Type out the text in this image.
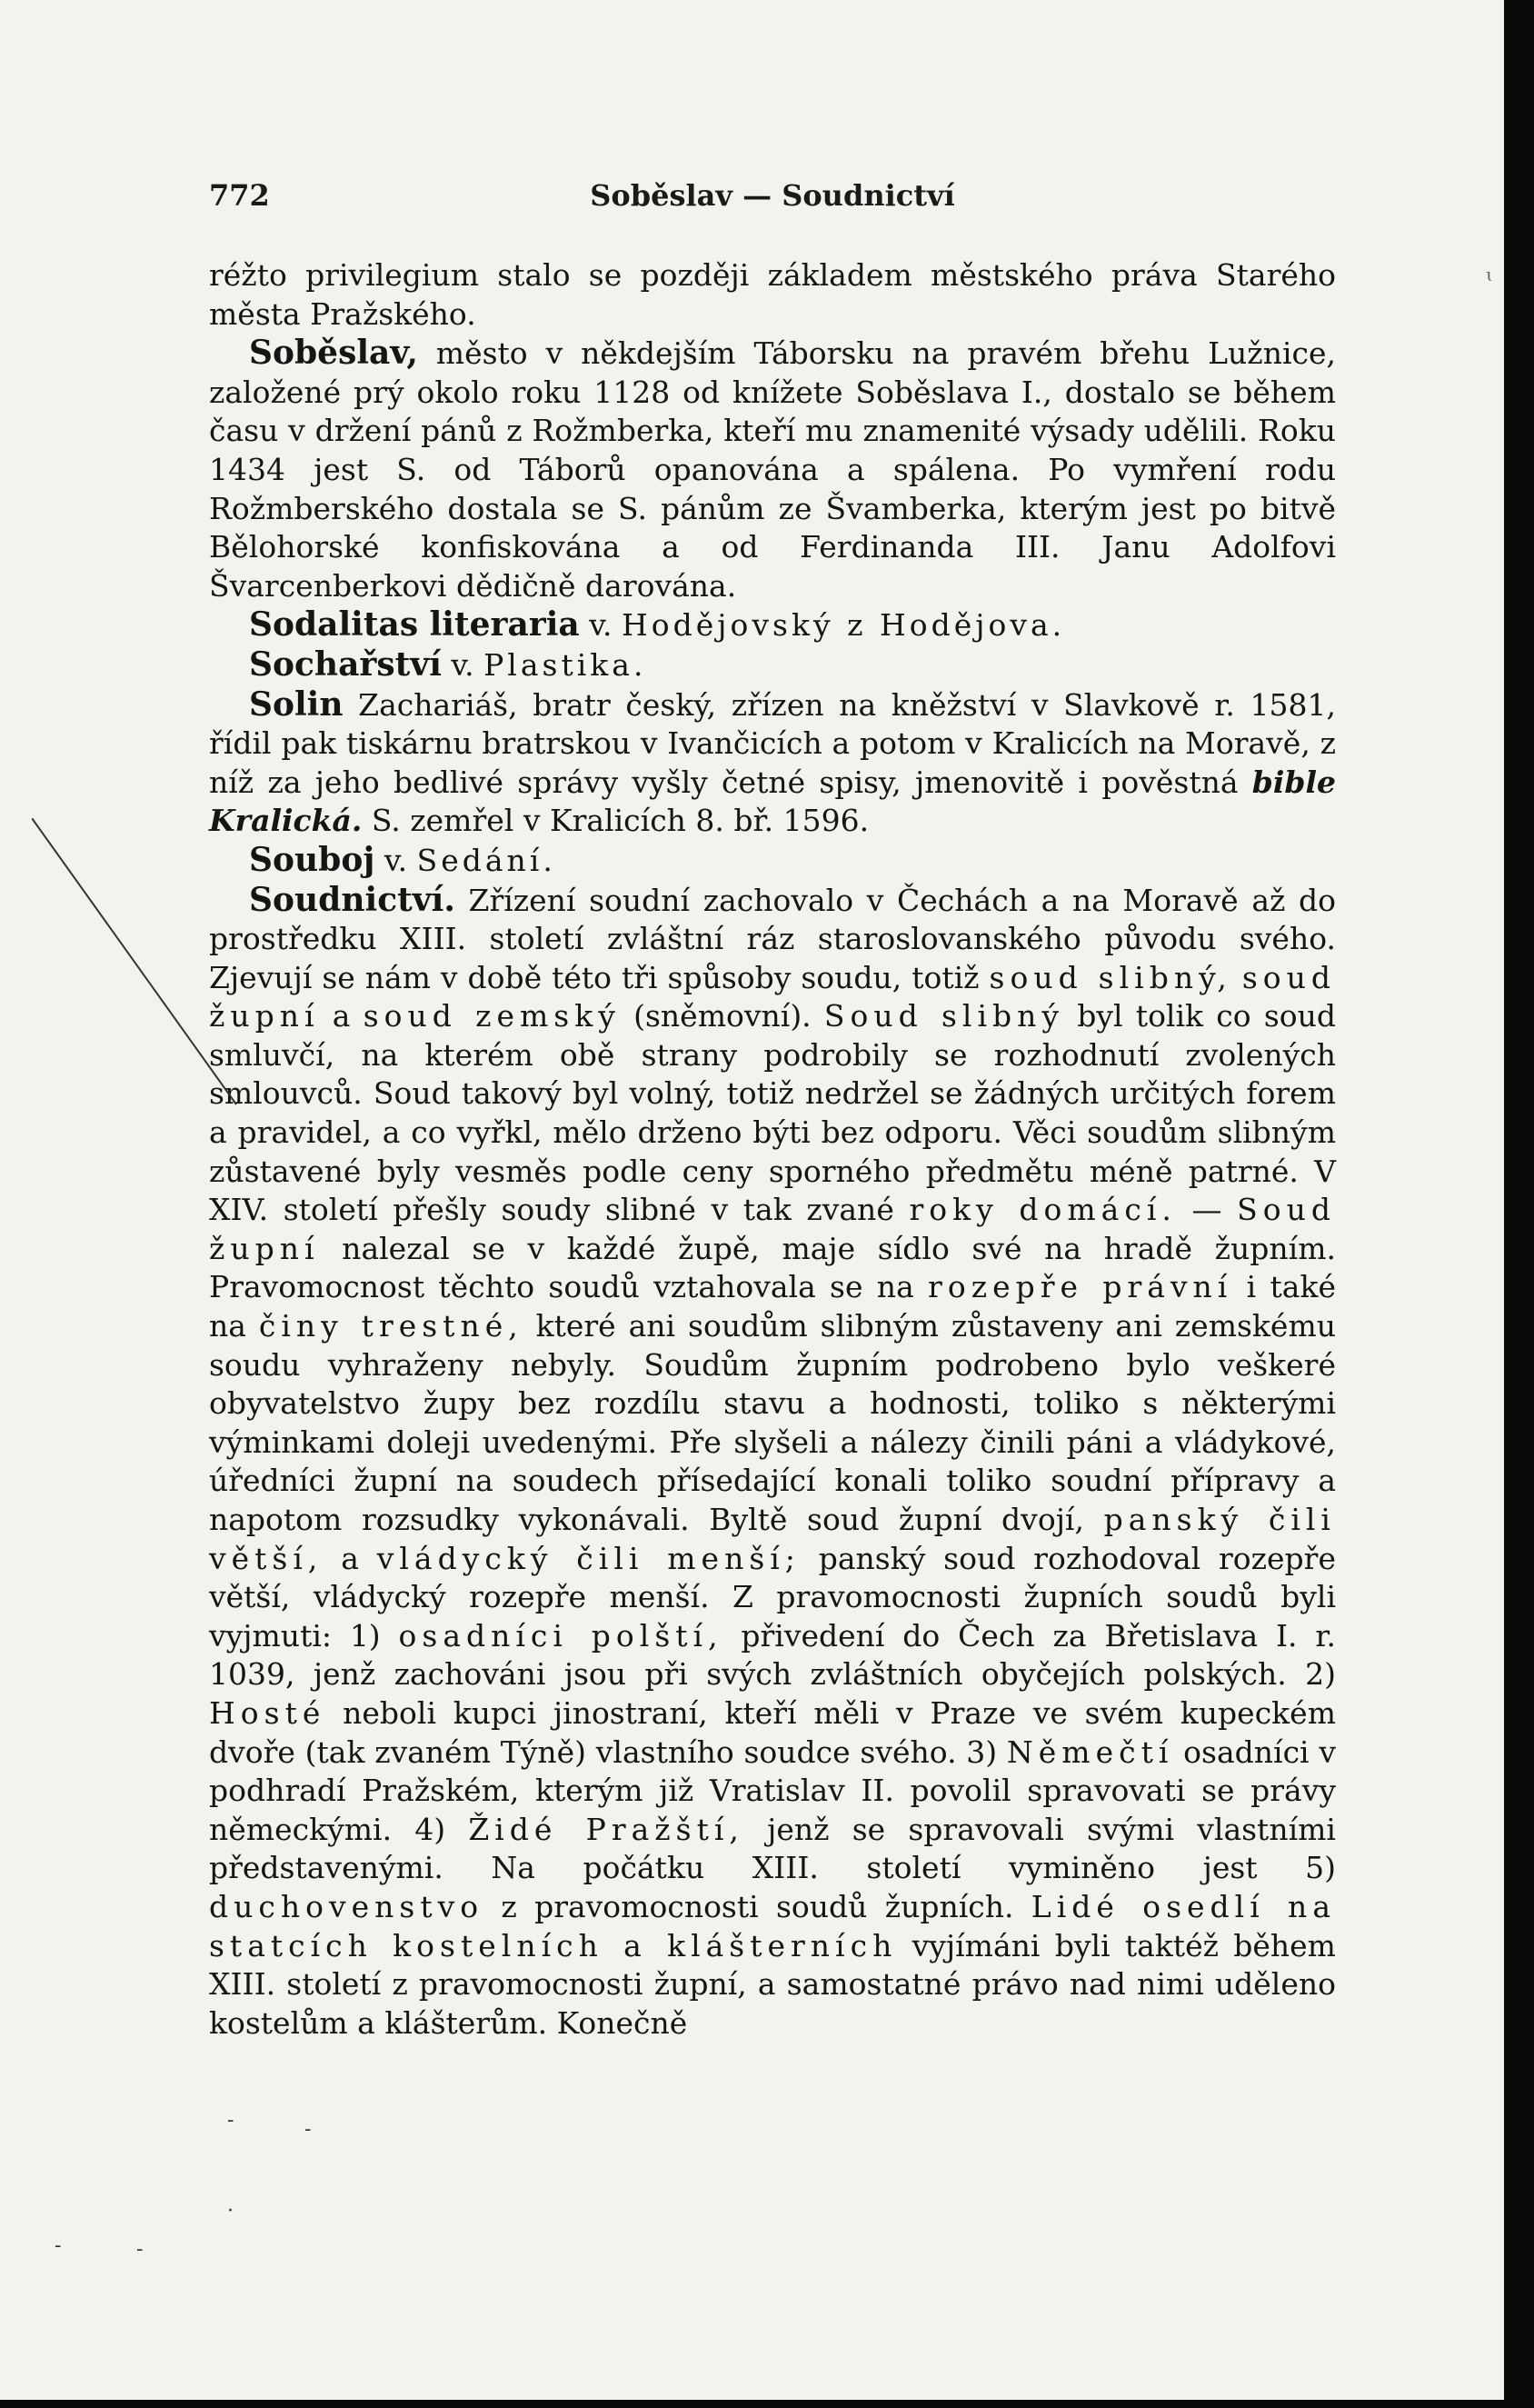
772	Soběslav — Soudnictví

réžto privilegium stalo se později základem městského práva Starého města Pražského.

Soběslav, město v někdejším Táborsku na pravém břehu Lužnice, založené prý okolo roku 1128 od knížete Soběslava I., dostalo se během času v držení pánů z Rožmberka, kteří mu znamenité výsady udělili. Roku 1434 jest S. od Táborů opanována a spálena. Po vymření rodu Rožmberského dostala se S. pánům ze Švamberka, kterým jest po bitvě Bělohorské konfiskována a od Ferdinanda III. Janu Adolfovi Švarcenberkovi dědičně darována.

Sodalitas literaria v. Hodějovský z Hodějova.

Sochařství v. Plastika.

Solin Zachariáš, bratr český, zřízen na kněžství v Slavkově r. 1581, řídil pak tiskárnu bratrskou v Ivančicích a potom v Kralicích na Moravě, z níž za jeho bedlivé správy vyšly četné spisy, jmenovitě i pověstná bible Kralická. S. zemřel v Kralicích 8. bř. 1596.

Souboj v. Sedání.

Soudnictví. Zřízení soudní zachovalo v Čechách a na Moravě až do prostředku XIII. století zvláštní ráz staroslovanského původu svého. Zjevují se nám v době této tři spůsoby soudu, totiž soud slibný, soud župní a soud zemský (sněmovní). Soud slibný byl tolik co soud smluvčí, na kterém obě strany podrobily se rozhodnutí zvolených smlouvců. Soud takový byl volný, totiž nedržel se žádných určitých forem a pravidel, a co vyřkl, mělo drženo býti bez odporu. Věci soudům slibným zůstavené byly vesměs podle ceny sporného předmětu méně patrné. V XIV. století přešly soudy slibné v tak zvané roky domácí. — Soud župní nalezal se v každé župě, maje sídlo své na hradě župním. Pravomocnost těchto soudů vztahovala se na rozepře právní i také na činy trestné, které ani soudům slibným zůstaveny ani zemskému soudu vyhraženy nebyly. Soudům župním podrobeno bylo veškeré obyvatelstvo župy bez rozdílu stavu a hodnosti, toliko s některými výminkami doleji uvedenými. Pře slyšeli a nálezy činili páni a vládykové, úředníci župní na soudech přísedající konali toliko soudní přípravy a napotom rozsudky vykonávali. Byltě soud župní dvojí, panský čili větší, a vládycký čili menší; panský soud rozhodoval rozepře větší, vládycký rozepře menší. Z pravomocnosti župních soudů byli vyjmuti: 1) osadníci polští, přivedení do Čech za Břetislava I. r. 1039, jenž zachováni jsou při svých zvláštních obyčejích polských. 2) Hosté neboli kupci jinostraní, kteří měli v Praze ve svém kupeckém dvoře (tak zvaném Týně) vlastního soudce svého. 3) Němečtí osadníci v podhradí Pražském, kterým již Vratislav II. povolil spravovati se právy německými. 4) Židé Pražští, jenž se spravovali svými vlastními představenými. Na počátku XIII. století vyminěno jest 5) duchovenstvo z pravomocnosti soudů župních. Lidé osedlí na statcích kostelních a klášterních vyjímáni byli taktéž během XIII. století z pravomocnosti župní, a samostatné právo nad nimi uděleno kostelům a klášterům. Konečně

ɩ
-	-
·
-	-
